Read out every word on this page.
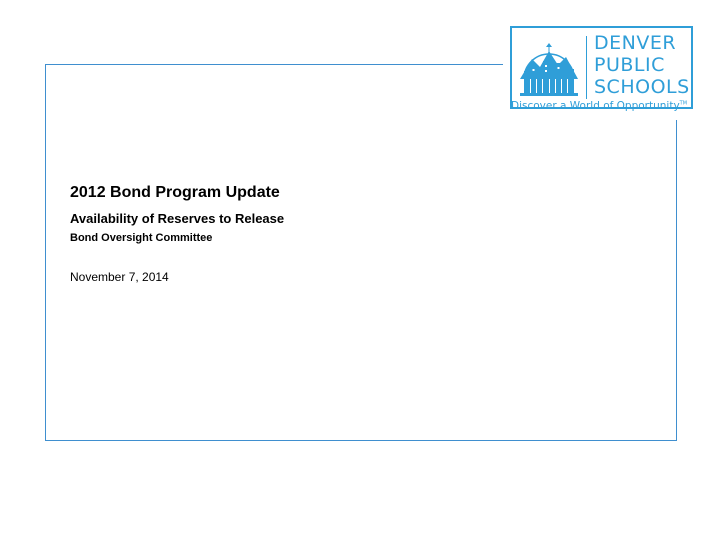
DENVER
PUBLIC
SCHOOLS
Discover a World of Opportunity™
2012 Bond Program Update
Availability of Reserves to Release
Bond Oversight Committee
November 7, 2014
